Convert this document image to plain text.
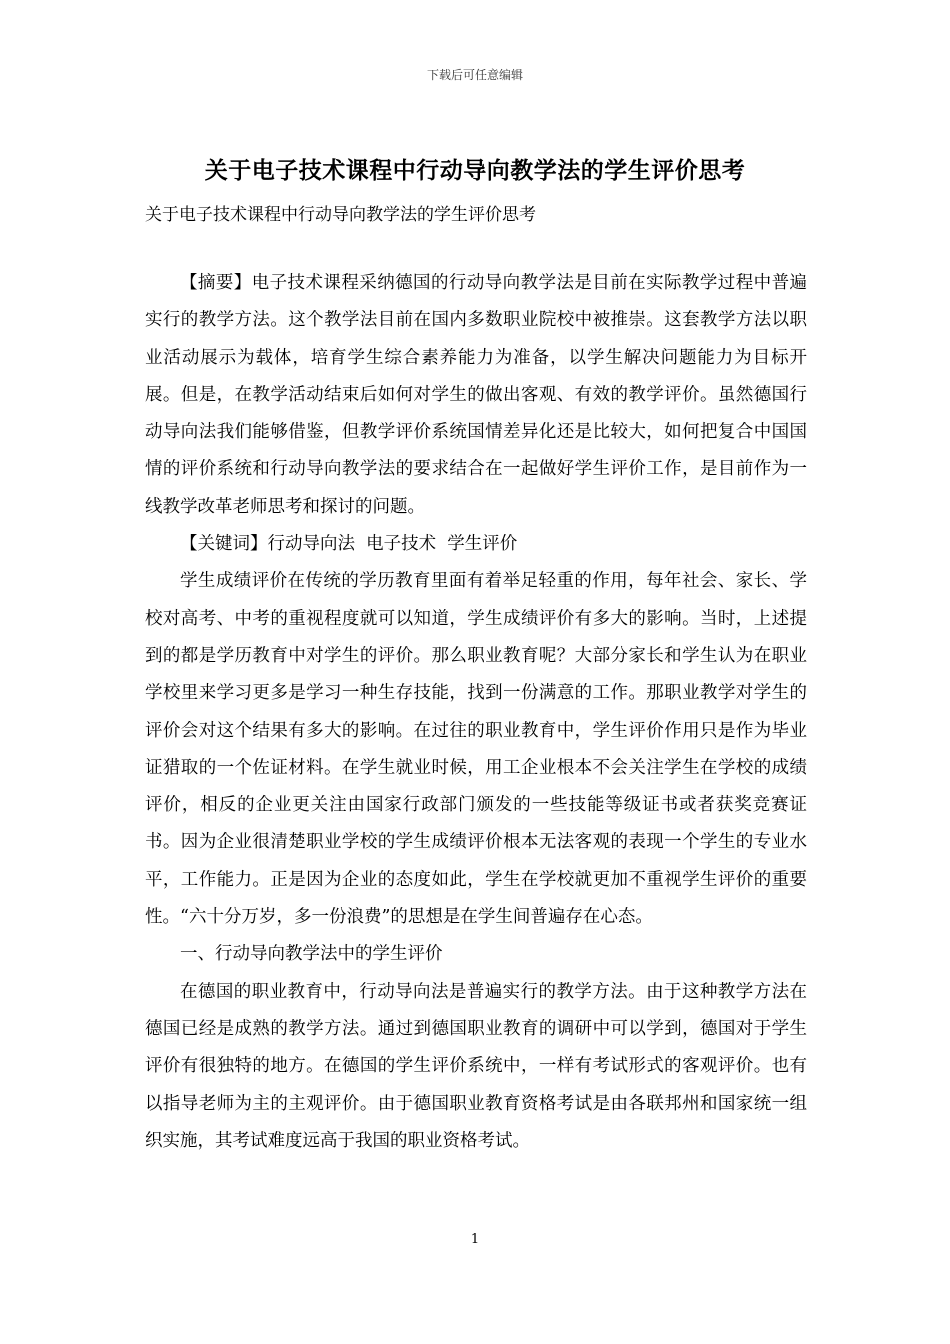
下载后可任意编辑
关于电子技术课程中行动导向教学法的学生评价思考
关于电子技术课程中行动导向教学法的学生评价思考

【摘要】电子技术课程采纳德国的行动导向教学法是目前在实际教学过程中普遍实行的教学方法。这个教学法目前在国内多数职业院校中被推崇。这套教学方法以职业活动展示为载体，培育学生综合素养能力为准备，以学生解决问题能力为目标开展。但是，在教学活动结束后如何对学生的做出客观、有效的教学评价。虽然德国行动导向法我们能够借鉴，但教学评价系统国情差异化还是比较大，如何把复合中国国情的评价系统和行动导向教学法的要求结合在一起做好学生评价工作，是目前作为一线教学改革老师思考和探讨的问题。

【关键词】行动导向法  电子技术  学生评价

学生成绩评价在传统的学历教育里面有着举足轻重的作用，每年社会、家长、学校对高考、中考的重视程度就可以知道，学生成绩评价有多大的影响。当时，上述提到的都是学历教育中对学生的评价。那么职业教育呢？大部分家长和学生认为在职业学校里来学习更多是学习一种生存技能，找到一份满意的工作。那职业教学对学生的评价会对这个结果有多大的影响。在过往的职业教育中，学生评价作用只是作为毕业证猎取的一个佐证材料。在学生就业时候，用工企业根本不会关注学生在学校的成绩评价，相反的企业更关注由国家行政部门颁发的一些技能等级证书或者获奖竞赛证书。因为企业很清楚职业学校的学生成绩评价根本无法客观的表现一个学生的专业水平，工作能力。正是因为企业的态度如此，学生在学校就更加不重视学生评价的重要性。“六十分万岁，多一份浪费”的思想是在学生间普遍存在心态。

一、行动导向教学法中的学生评价

在德国的职业教育中，行动导向法是普遍实行的教学方法。由于这种教学方法在德国已经是成熟的教学方法。通过到德国职业教育的调研中可以学到，德国对于学生评价有很独特的地方。在德国的学生评价系统中，一样有考试形式的客观评价。也有以指导老师为主的主观评价。由于德国职业教育资格考试是由各联邦州和国家统一组织实施，其考试难度远高于我国的职业资格考试。

1
